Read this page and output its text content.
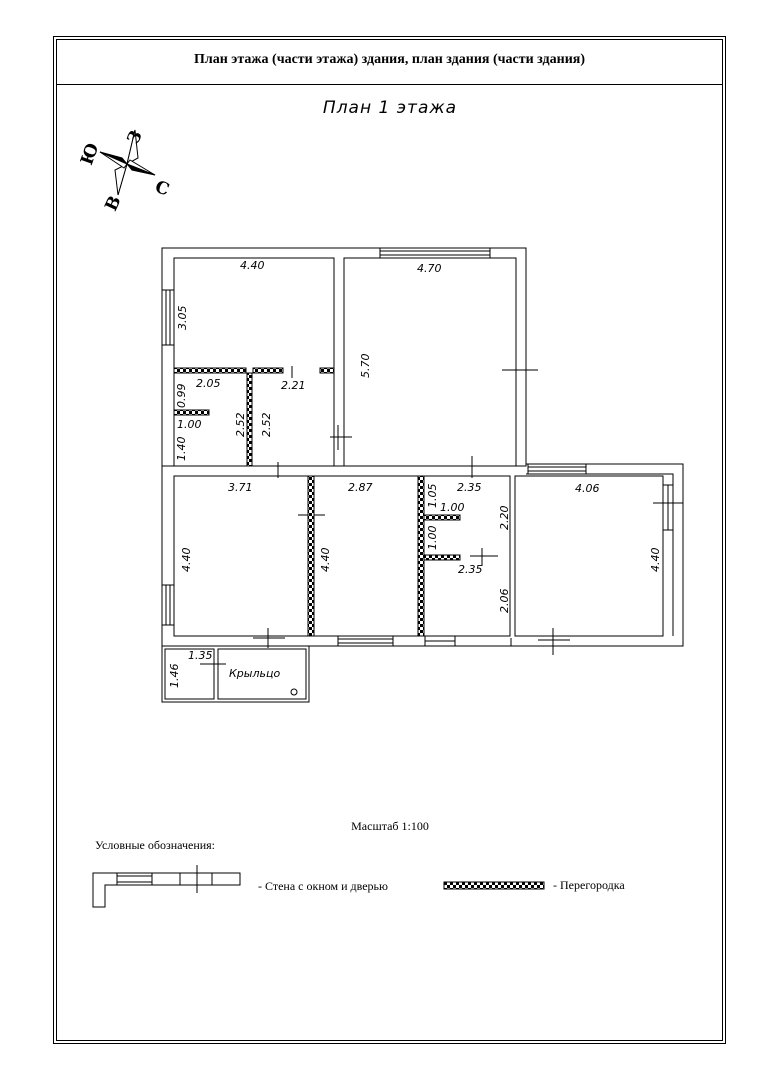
План этажа (части этажа) здания, план здания (части здания)
План 1 этажа
З
С
В
Ю
4.40
3.05
4.70
5.70
2.05	2.21
0.99
1.00
1.40
2.52 2.52
3.71
4.40
2.87
4.40
1.05 1.00
1.00
2.35
2.20
2.35
2.06
4.06
4.40
1.35
1.46	Крыльцо
Масштаб 1:100
Условные обозначения:
- Стена с окном и дверью	- Перегородка
